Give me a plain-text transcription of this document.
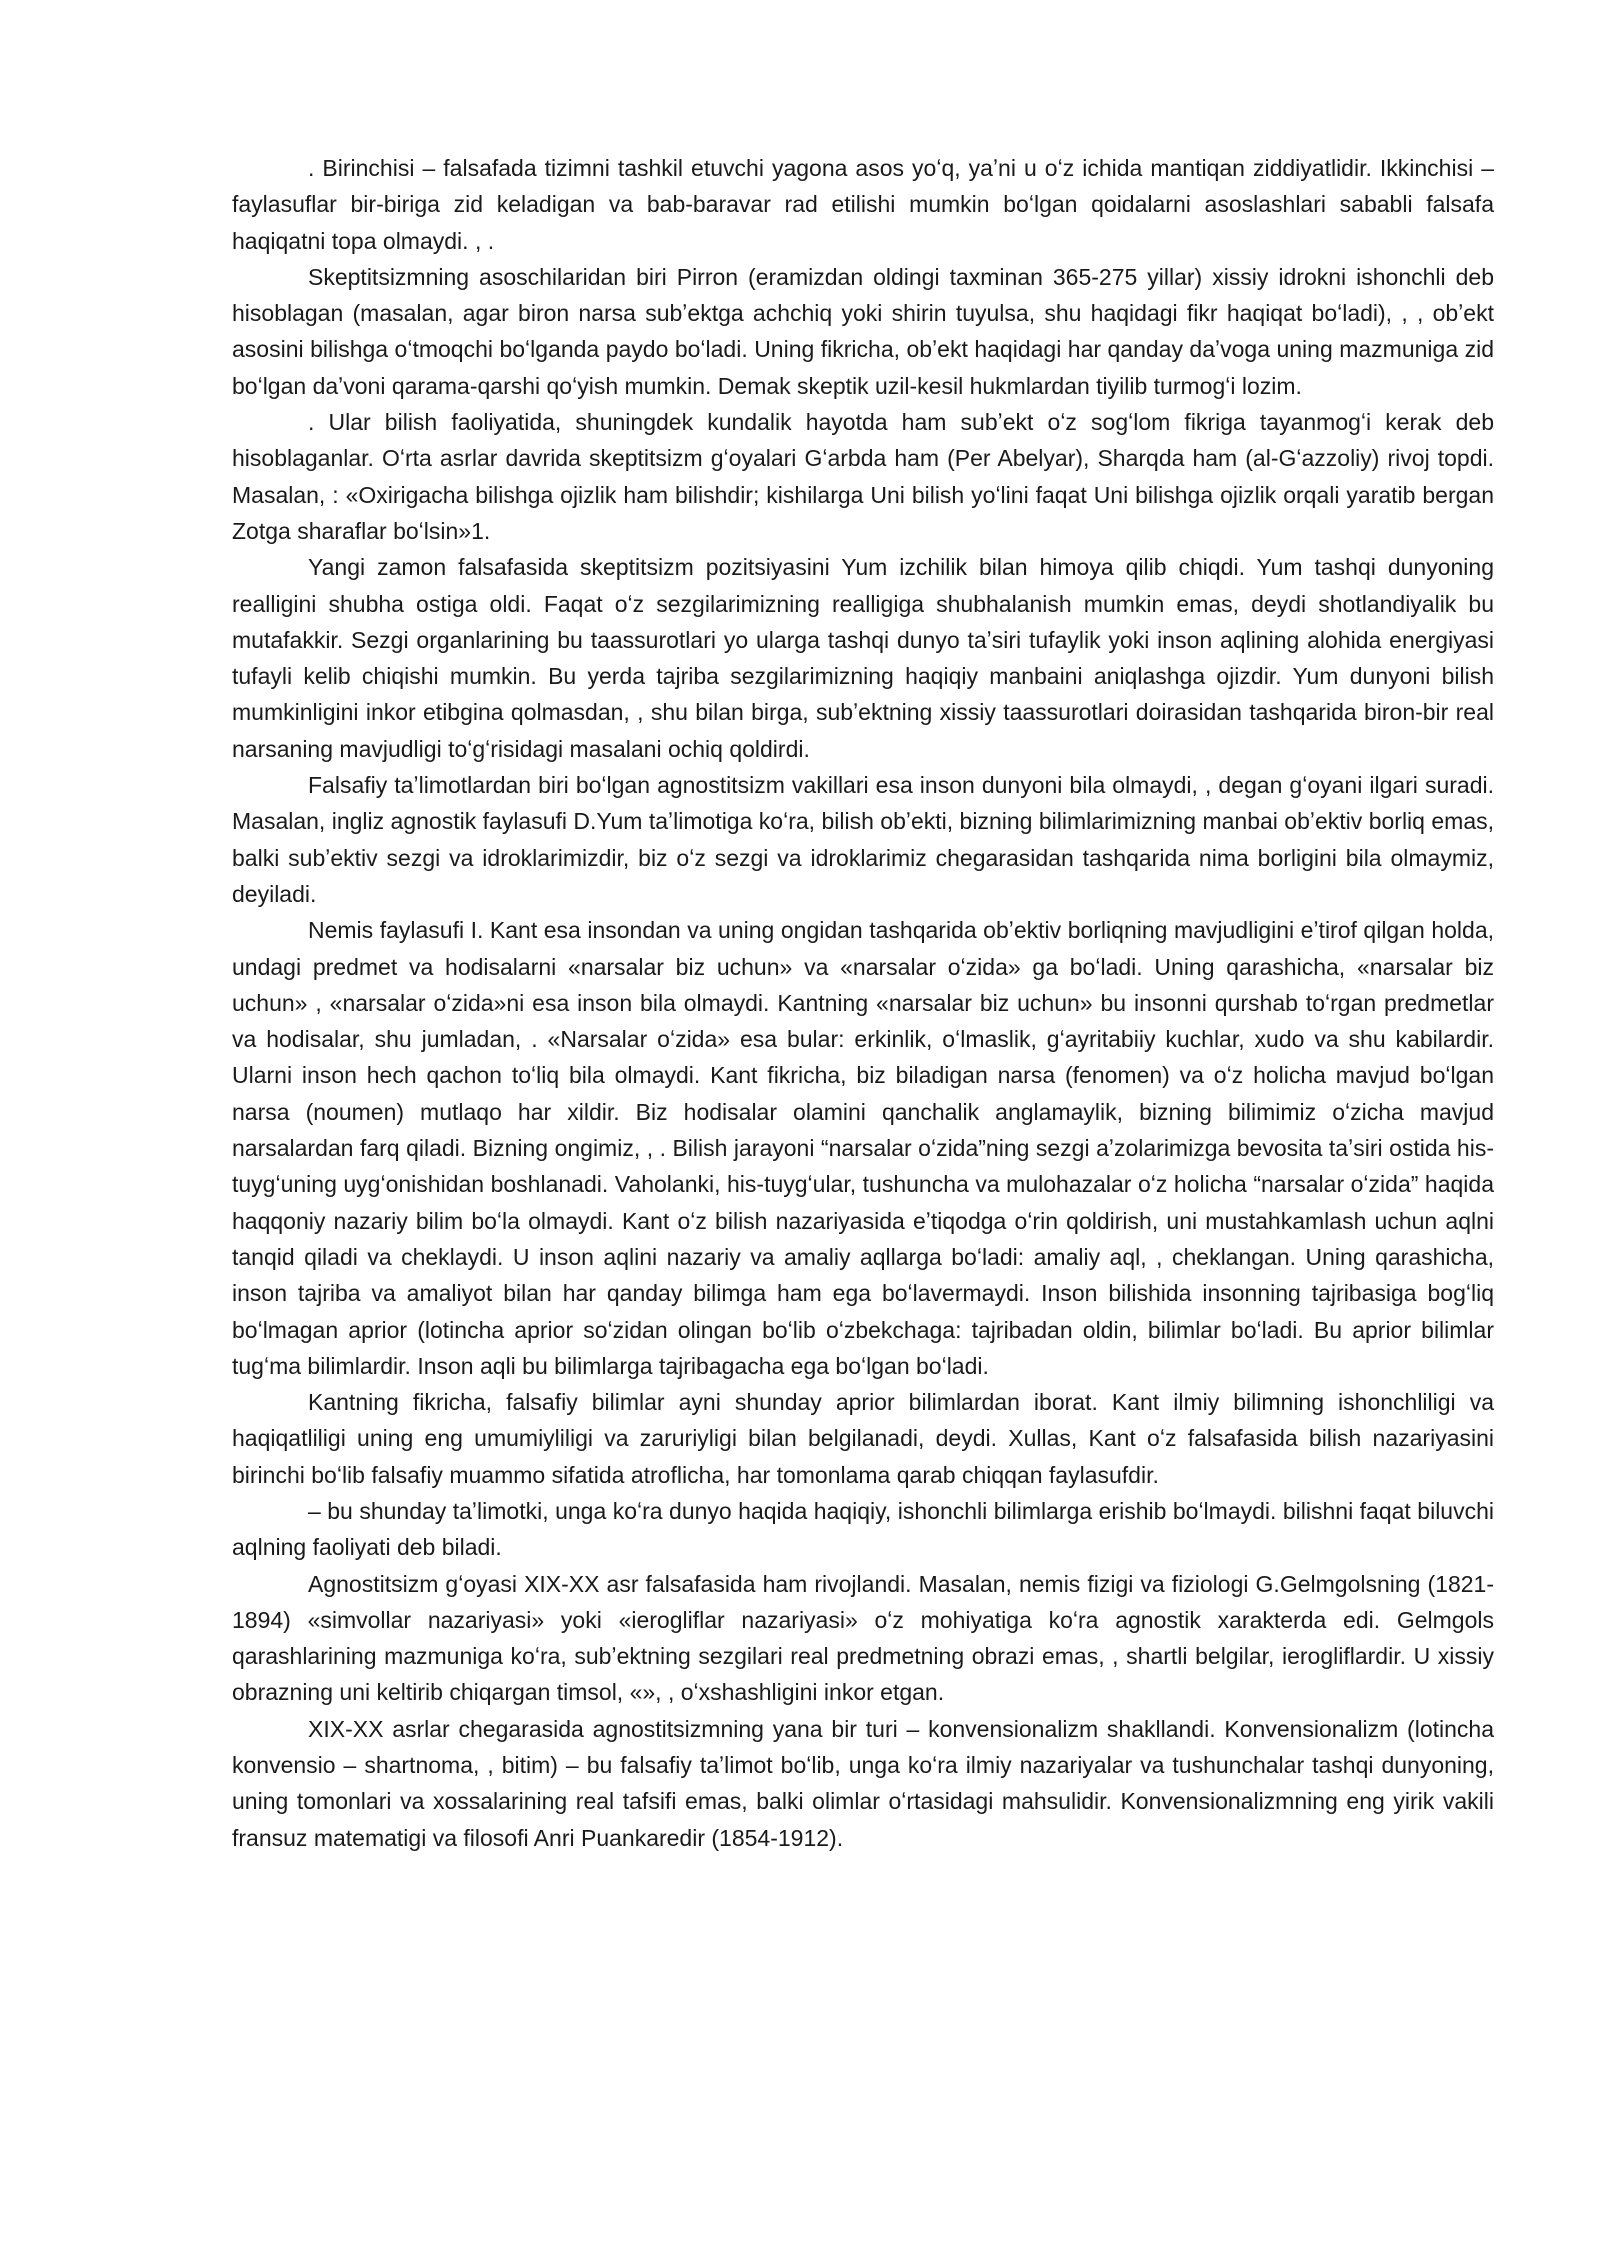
. Birinchisi – falsafada tizimni tashkil etuvchi yagona asos yoʻq, yaʼni u oʻz ichida mantiqan ziddiyatlidir. Ikkinchisi – faylasuflar bir-biriga zid keladigan va bab-baravar rad etilishi mumkin boʻlgan qoidalarni asoslashlari sababli falsafa haqiqatni topa olmaydi. , .

Skeptitsizmning asoschilaridan biri Pirron (eramizdan oldingi taxminan 365-275 yillar) xissiy idrokni ishonchli deb hisoblagan (masalan, agar biron narsa subʼektga achchiq yoki shirin tuyulsa, shu haqidagi fikr haqiqat boʻladi), , , obʼekt asosini bilishga oʻtmoqchi boʻlganda paydo boʻladi. Uning fikricha, obʼekt haqidagi har qanday daʼvoga uning mazmuniga zid boʻlgan daʼvoni qarama-qarshi qoʻyish mumkin. Demak skeptik uzil-kesil hukmlardan tiyilib turmogʻi lozim.

. Ular bilish faoliyatida, shuningdek kundalik hayotda ham subʼekt oʻz sogʻlom fikriga tayanmogʻi kerak deb hisoblaganlar. Oʻrta asrlar davrida skeptitsizm gʻoyalari Gʻarbda ham (Per Abelyar), Sharqda ham (al-Gʻazzoliy) rivoj topdi. Masalan, : «Oxirigacha bilishga ojizlik ham bilishdir; kishilarga Uni bilish yoʻlini faqat Uni bilishga ojizlik orqali yaratib bergan Zotga sharaflar boʻlsin»1.

Yangi zamon falsafasida skeptitsizm pozitsiyasini Yum izchilik bilan himoya qilib chiqdi. Yum tashqi dunyoning realligini shubha ostiga oldi. Faqat oʻz sezgilarimizning realligiga shubhalanish mumkin emas, deydi shotlandiyalik bu mutafakkir. Sezgi organlarining bu taassurotlari yo ularga tashqi dunyo taʼsiri tufaylik yoki inson aqlining alohida energiyasi tufayli kelib chiqishi mumkin. Bu yerda tajriba sezgilarimizning haqiqiy manbaini aniqlashga ojizdir. Yum dunyoni bilish mumkinligini inkor etibgina qolmasdan, , shu bilan birga, subʼektning xissiy taassurotlari doirasidan tashqarida biron-bir real narsaning mavjudligi toʻgʻrisidagi masalani ochiq qoldirdi.

Falsafiy taʼlimotlardan biri boʻlgan agnostitsizm vakillari esa inson dunyoni bila olmaydi, , degan gʻoyani ilgari suradi. Masalan, ingliz agnostik faylasufi D.Yum taʼlimotiga koʻra, bilish obʼekti, bizning bilimlarimizning manbai obʼektiv borliq emas, balki subʼektiv sezgi va idroklarimizdir, biz oʻz sezgi va idroklarimiz chegarasidan tashqarida nima borligini bila olmaymiz, deyiladi.

Nemis faylasufi I. Kant esa insondan va uning ongidan tashqarida obʼektiv borliqning mavjudligini eʼtirof qilgan holda, undagi predmet va hodisalarni «narsalar biz uchun» va «narsalar oʻzida» ga boʻladi. Uning qarashicha, «narsalar biz uchun» , «narsalar oʻzida»ni esa inson bila olmaydi. Kantning «narsalar biz uchun» bu insonni qurshab toʻrgan predmetlar va hodisalar, shu jumladan, . «Narsalar oʻzida» esa bular: erkinlik, oʻlmaslik, gʻayritabiiy kuchlar, xudo va shu kabilardir. Ularni inson hech qachon toʻliq bila olmaydi. Kant fikricha, biz biladigan narsa (fenomen) va oʻz holicha mavjud boʻlgan narsa (noumen) mutlaqo har xildir. Biz hodisalar olamini qanchalik anglamaylik, bizning bilimimiz oʻzicha mavjud narsalardan farq qiladi. Bizning ongimiz, , . Bilish jarayoni “narsalar oʻzida”ning sezgi aʼzolarimizga bevosita taʼsiri ostida his-tuygʻuning uygʻonishidan boshlanadi. Vaholanki, his-tuygʻular, tushuncha va mulohazalar oʻz holicha “narsalar oʻzida” haqida haqqoniy nazariy bilim boʻla olmaydi. Kant oʻz bilish nazariyasida eʼtiqodga oʻrin qoldirish, uni mustahkamlash uchun aqlni tanqid qiladi va cheklaydi. U inson aqlini nazariy va amaliy aqllarga boʻladi: amaliy aql, , cheklangan. Uning qarashicha, inson tajriba va amaliyot bilan har qanday bilimga ham ega boʻlavermaydi. Inson bilishida insonning tajribasiga bogʻliq boʻlmagan aprior (lotincha aprior soʻzidan olingan boʻlib oʻzbekchaga: tajribadan oldin, bilimlar boʻladi. Bu aprior bilimlar tugʻma bilimlardir. Inson aqli bu bilimlarga tajribagacha ega boʻlgan boʻladi.

Kantning fikricha, falsafiy bilimlar ayni shunday aprior bilimlardan iborat. Kant ilmiy bilimning ishonchliligi va haqiqatliligi uning eng umumiyliligi va zaruriyligi bilan belgilanadi, deydi. Xullas, Kant oʻz falsafasida bilish nazariyasini birinchi boʻlib falsafiy muammo sifatida atroflicha, har tomonlama qarab chiqqan faylasufdir.

– bu shunday taʼlimotki, unga koʻra dunyo haqida haqiqiy, ishonchli bilimlarga erishib boʻlmaydi. bilishni faqat biluvchi aqlning faoliyati deb biladi.

Agnostitsizm gʻoyasi XIX-XX asr falsafasida ham rivojlandi. Masalan, nemis fizigi va fiziologi G.Gelmgolsning (1821-1894) «simvollar nazariyasi» yoki «ierogliflar nazariyasi» oʻz mohiyatiga koʻra agnostik xarakterda edi. Gelmgols qarashlarining mazmuniga koʻra, subʼektning sezgilari real predmetning obrazi emas, , shartli belgilar, ierogliflardir. U xissiy obrazning uni keltirib chiqargan timsol, «», , oʻxshashligini inkor etgan.

XIX-XX asrlar chegarasida agnostitsizmning yana bir turi – konvensionalizm shakllandi. Konvensionalizm (lotincha konvensio – shartnoma, , bitim) – bu falsafiy taʼlimot boʻlib, unga koʻra ilmiy nazariyalar va tushunchalar tashqi dunyoning, uning tomonlari va xossalarining real tafsifi emas, balki olimlar oʻrtasidagi mahsulidir. Konvensionalizmning eng yirik vakili fransuz matematigi va filosofi Anri Puankaredir (1854-1912).
